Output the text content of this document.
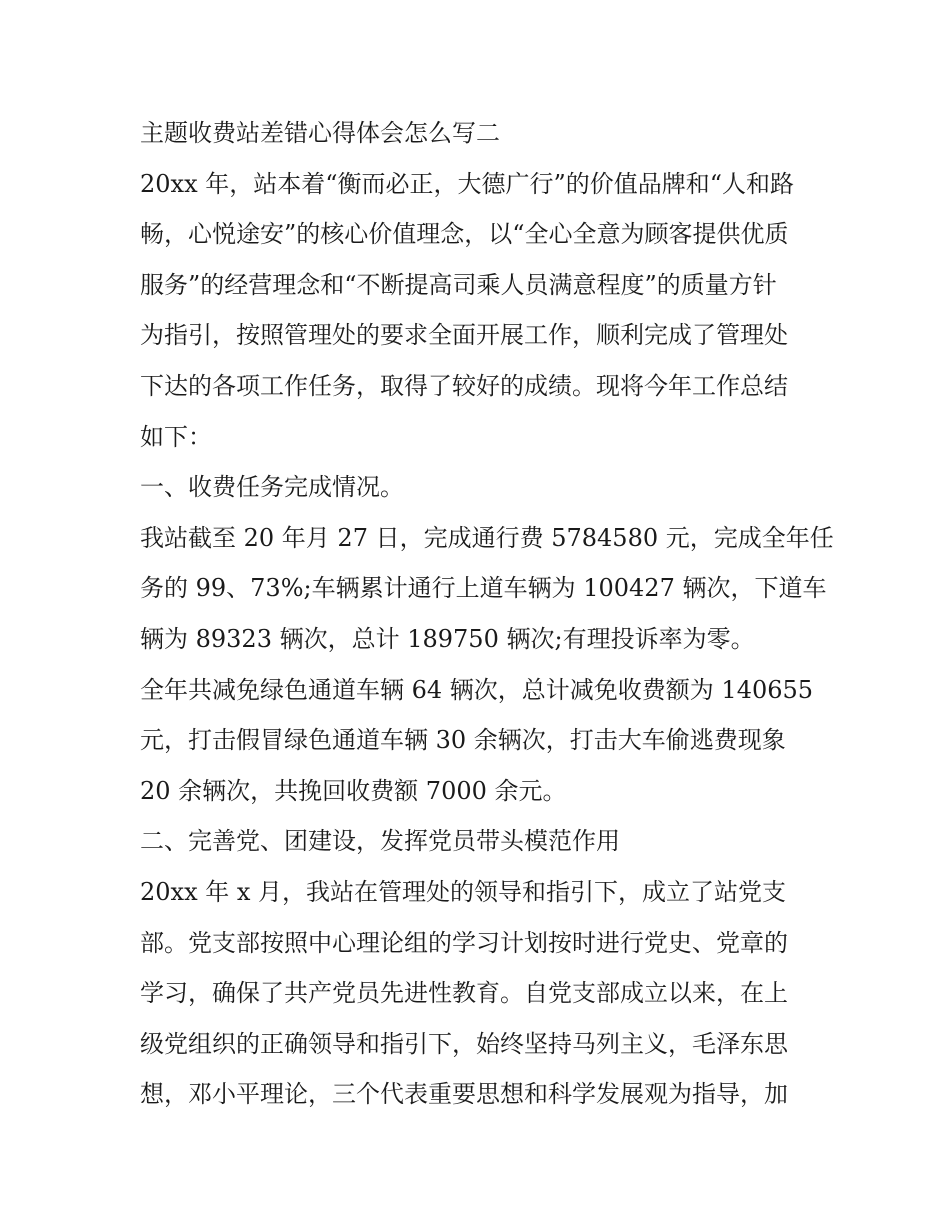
主题收费站差错心得体会怎么写二
20xx 年，站本着“衡而必正，大德广行”的价值品牌和“人和路
畅，心悦途安”的核心价值理念，以“全心全意为顾客提供优质
服务”的经营理念和“不断提高司乘人员满意程度”的质量方针
为指引，按照管理处的要求全面开展工作，顺利完成了管理处
下达的各项工作任务，取得了较好的成绩。现将今年工作总结
如下：
一、收费任务完成情况。
我站截至 20 年月 27 日，完成通行费 5784580 元，完成全年任
务的 99、73%;车辆累计通行上道车辆为 100427 辆次，下道车
辆为 89323 辆次，总计 189750 辆次;有理投诉率为零。
全年共减免绿色通道车辆 64 辆次，总计减免收费额为 140655
元，打击假冒绿色通道车辆 30 余辆次，打击大车偷逃费现象
20 余辆次，共挽回收费额 7000 余元。
二、完善党、团建设，发挥党员带头模范作用
20xx 年 x 月，我站在管理处的领导和指引下，成立了站党支
部。党支部按照中心理论组的学习计划按时进行党史、党章的
学习，确保了共产党员先进性教育。自党支部成立以来，在上
级党组织的正确领导和指引下，始终坚持马列主义，毛泽东思
想，邓小平理论，三个代表重要思想和科学发展观为指导，加
